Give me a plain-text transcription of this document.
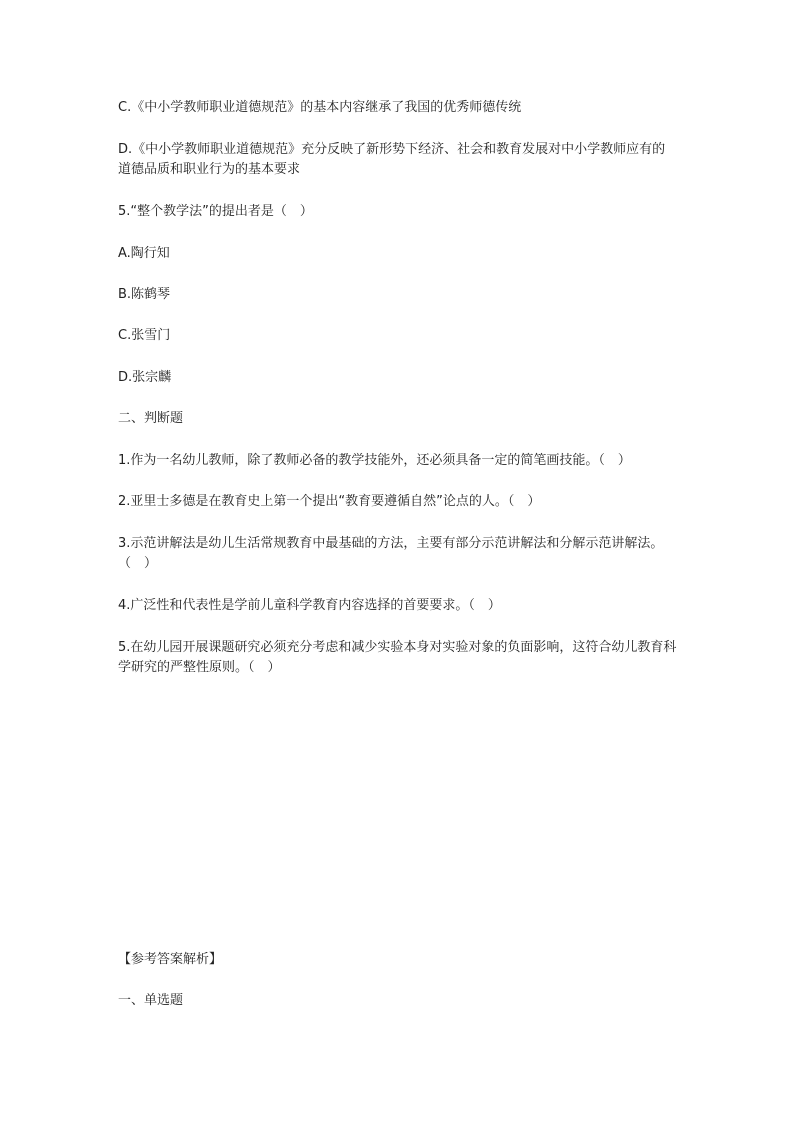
C.《中小学教师职业道德规范》的基本内容继承了我国的优秀师德传统
D.《中小学教师职业道德规范》充分反映了新形势下经济、社会和教育发展对中小学教师应有的道德品质和职业行为的基本要求
5.“整个教学法”的提出者是（　）
A.陶行知
B.陈鹤琴
C.张雪门
D.张宗麟
二、判断题
1.作为一名幼儿教师，除了教师必备的教学技能外，还必须具备一定的简笔画技能。（　）
2.亚里士多德是在教育史上第一个提出“教育要遵循自然”论点的人。（　）
3.示范讲解法是幼儿生活常规教育中最基础的方法，主要有部分示范讲解法和分解示范讲解法。（　）
4.广泛性和代表性是学前儿童科学教育内容选择的首要要求。（　）
5.在幼儿园开展课题研究必须充分考虑和减少实验本身对实验对象的负面影响，这符合幼儿教育科学研究的严整性原则。（　）
【参考答案解析】
一、单选题
